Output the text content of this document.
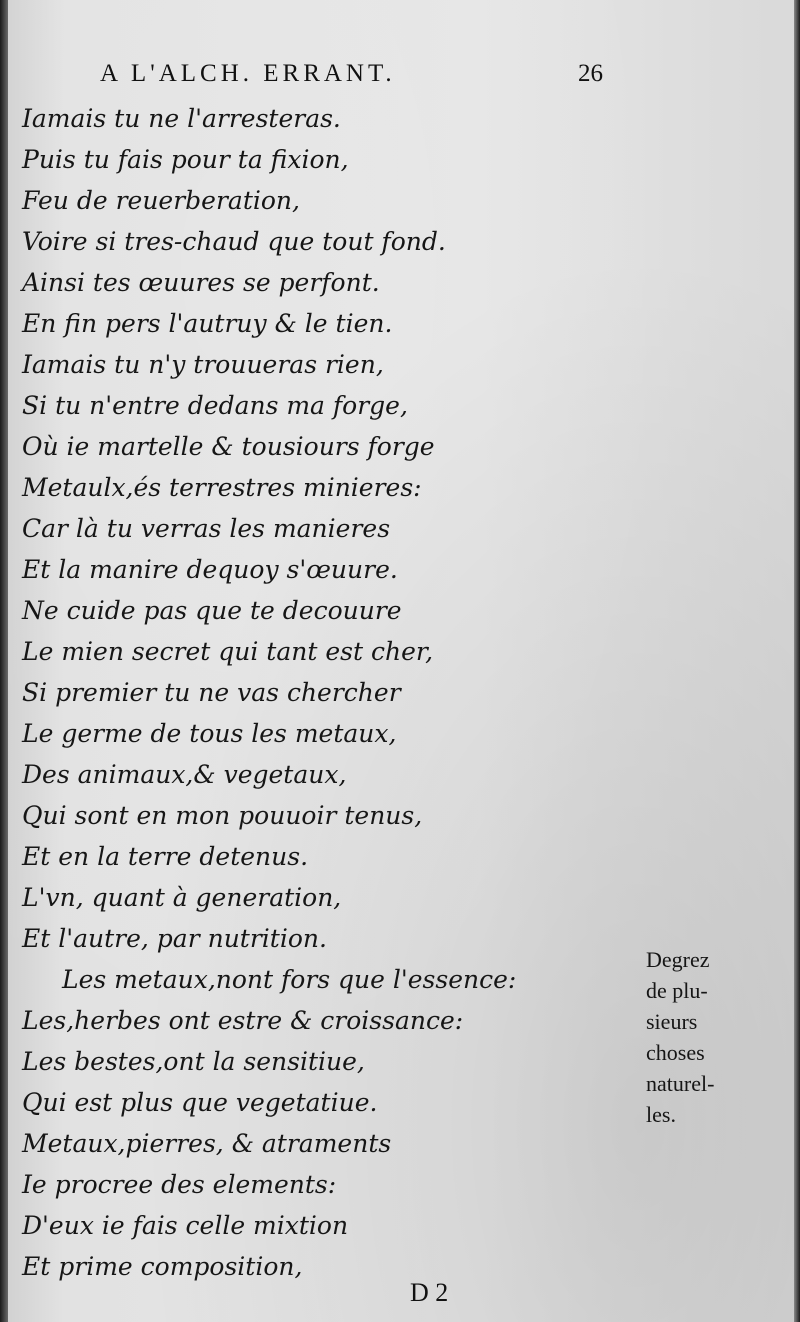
A L'ALCH. ERRANT.	26
Iamais tu ne l'arresteras.
Puis tu fais pour ta fixion,
Feu de reuerberation,
Voire si tres-chaud que tout fond.
Ainsi tes œuures se perfont.
En fin pers l'autruy & le tien.
Iamais tu n'y trouueras rien,
Si tu n'entre dedans ma forge,
Où ie martelle & tousiours forge
Metaulx,és terrestres minieres:
Car là tu verras les manieres
Et la manire dequoy s'œuure.
Ne cuide pas que te decouure
Le mien secret qui tant est cher,
Si premier tu ne vas chercher
Le germe de tous les metaux,
Des animaux,& vegetaux,
Qui sont en mon pouuoir tenus,
Et en la terre detenus.
L'vn, quant à generation,
Et l'autre, par nutrition.
Les metaux,nont fors que l'essence:
Les,herbes ont estre & croissance:
Les bestes,ont la sensitiue,
Qui est plus que vegetatiue.
Metaux,pierres, & atraments
Ie procree des elements:
D'eux ie fais celle mixtion
Et prime composition,
Degrez
de plu-
sieurs
choses
naturel-
les.
D 2
